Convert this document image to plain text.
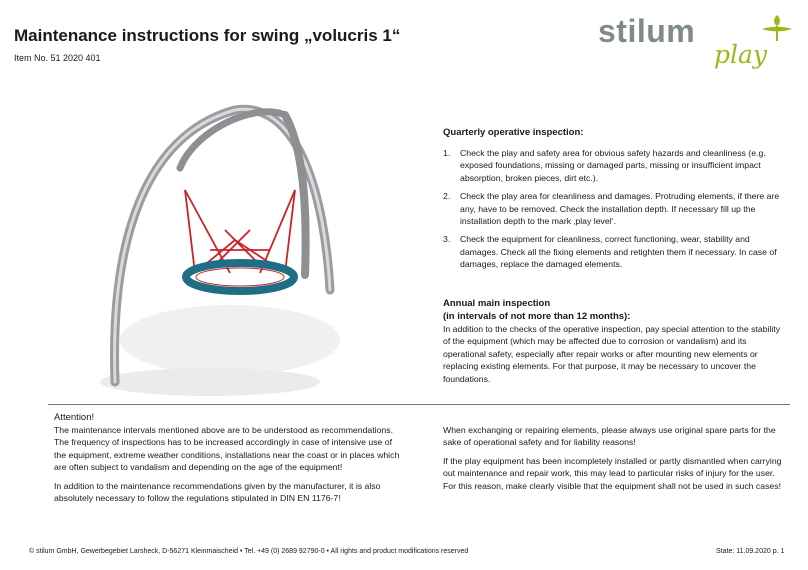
Maintenance instructions for swing „volucris 1“
Item No. 51 2020 401
stilum
play
Quarterly operative inspection:
1. Check the play and safety area for obvious safety hazards and cleanliness (e.g. exposed foundations, missing or damaged parts, missing or insufficient impact absorption, broken pieces, dirt etc.).
2. Check the play area for cleanliness and damages. Protruding elements, if there are any, have to be removed. Check the installation depth. If necessary fill up the installation depth to the mark ‚play level‘.
3. Check the equipment for cleanliness, correct functioning, wear, stability and damages. Check all the fixing elements and retighten them if necessary. In case of damages, replace the damaged elements.
Annual main inspection
(in intervals of not more than 12 months):
In addition to the checks of the operative inspection, pay special attention to the stability of the equipment (which may be affected due to corrosion or vandalism) and its operational safety, especially after repair works or after mounting new elements or replacing existing elements. For that purpose, it may be necessary to uncover the foundations.
Attention!
The maintenance intervals mentioned above are to be understood as recommendations. The frequency of inspections has to be increased accordingly in case of intensive use of the equipment, extreme weather conditions, installations near the coast or in places which are often subject to vandalism and depending on the age of the equipment!
In addition to the maintenance recommendations given by the manufacturer, it is also absolutely necessary to follow the regulations stipulated in DIN EN 1176-7!
When exchanging or repairing elements, please always use original spare parts for the sake of operational safety and for liability reasons!
If the play equipment has been incompletely installed or partly dismantled when carrying out maintenance and repair work, this may lead to particular risks of injury for the user. For this reason, make clearly visible that the equipment shall not be used in such cases!
© stilum GmbH, Gewerbegebiet Larsheck, D-56271 Kleinmaischeid • Tel. +49 (0) 2689 92790-0 • All rights and product modifications reserved	State: 11.09.2020 p. 1
